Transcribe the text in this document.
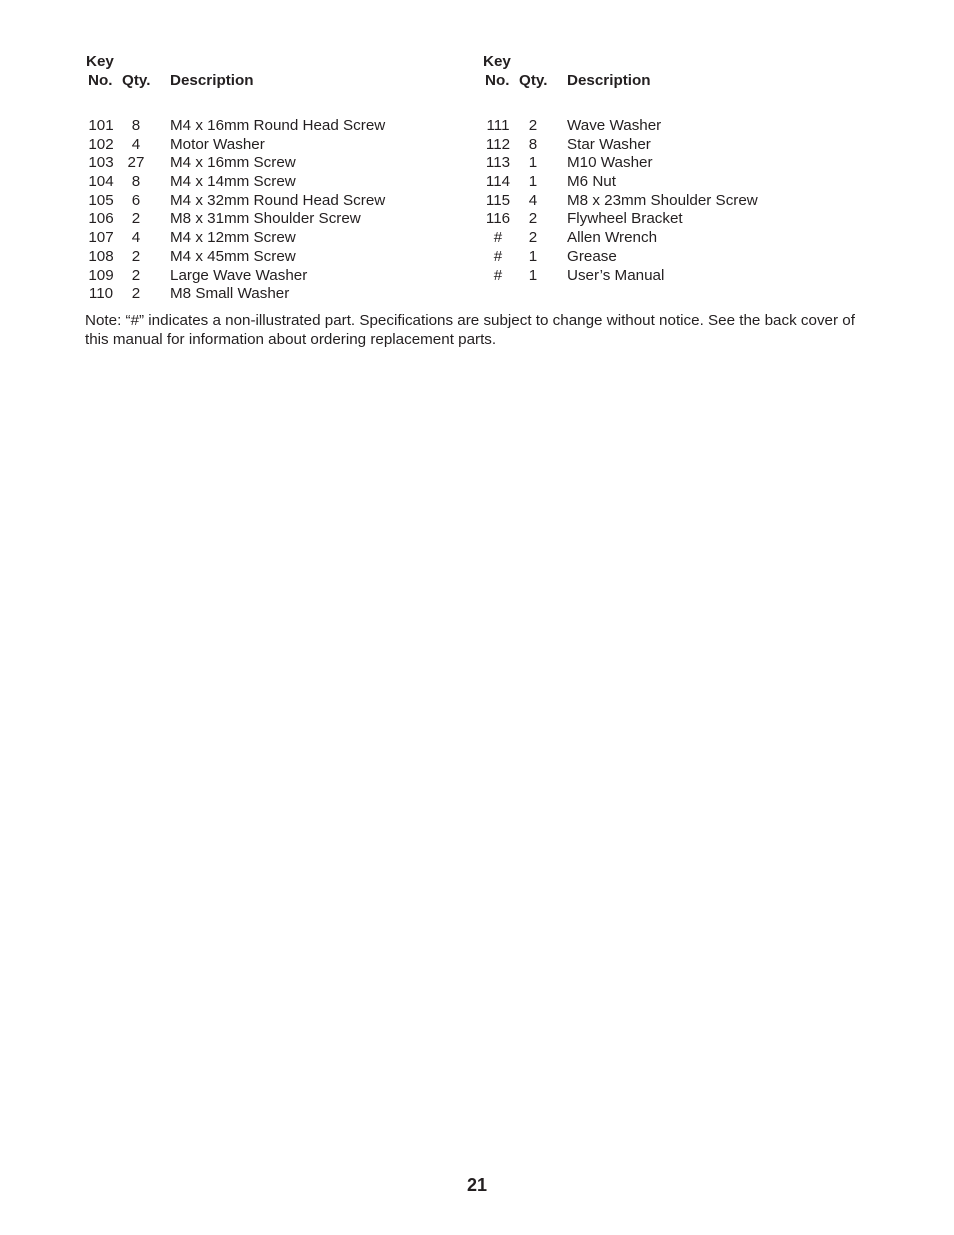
Key
No. Qty. Description
101	8	M4 x 16mm Round Head Screw
102	4	Motor Washer
103 27 M4 x 16mm Screw
104	8	M4 x 14mm Screw
105	6	M4 x 32mm Round Head Screw
106	2	M8 x 31mm Shoulder Screw
107	4	M4 x 12mm Screw
108	2	M4 x 45mm Screw
109	2	Large Wave Washer
110	2	M8 Small Washer
Key
No. Qty. Description
111	2	Wave Washer
112	8	Star Washer
113	1	M10 Washer
114	1	M6 Nut
115	4	M8 x 23mm Shoulder Screw
116	2	Flywheel Bracket
#	2	Allen Wrench
#	1	Grease
#	1	User’s Manual
Note: “#” indicates a non-illustrated part. Specifications are subject to change without notice. See the back cover of this manual for information about ordering replacement parts.
21
